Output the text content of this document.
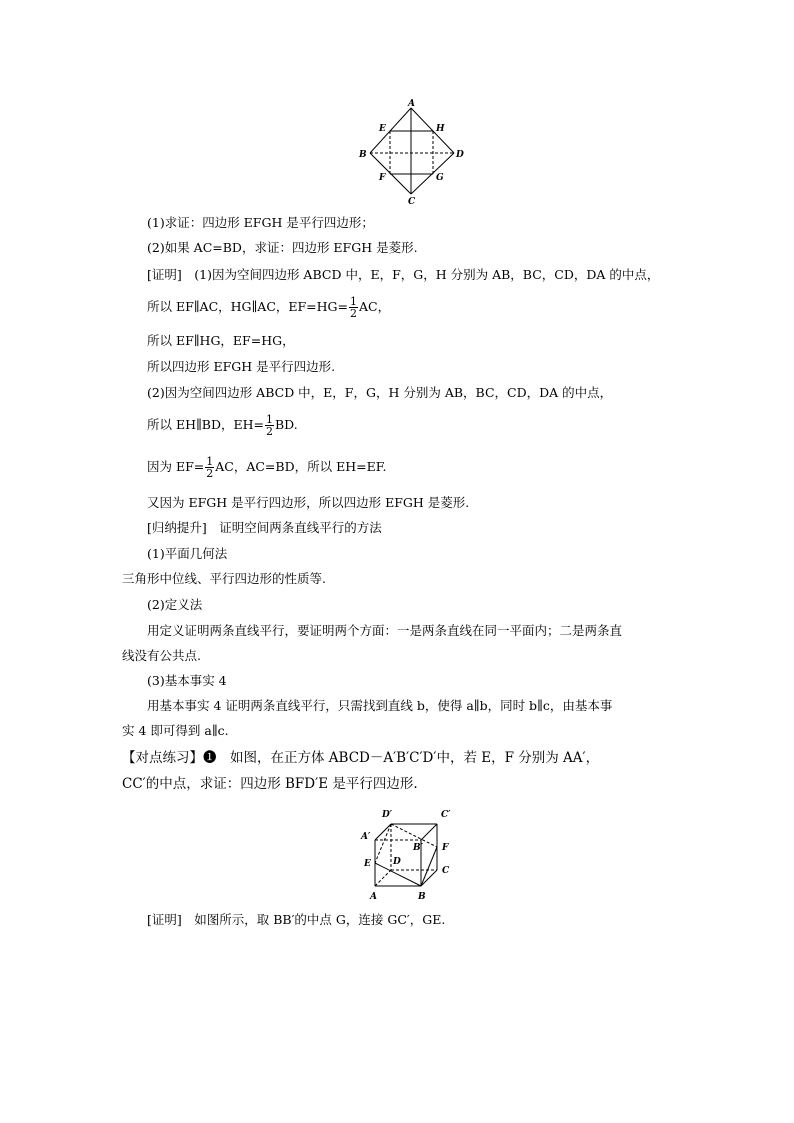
A
B
C
D
E
F	G
H
(1)求证：四边形 EFGH 是平行四边形；
(2)如果 AC=BD，求证：四边形 EFGH 是菱形.
[证明]　(1)因为空间四边形 ABCD 中，E，F，G，H 分别为 AB，BC，CD，DA 的中点，
所以 EF∥AC，HG∥AC，$EF=HG= \frac{1}{2}$ AC，
所以 EF∥HG，EF=HG，
所以四边形 EFGH 是平行四边形.
(2)因为空间四边形 ABCD 中，E，F，G，H 分别为 AB，BC，CD，DA 的中点，
所以 EH∥BD，$EH= \frac{1}{2}$ BD.
因为 $EF= \frac{1}{2}$ AC，AC=BD，所以 EH=EF.
又因为 EFGH 是平行四边形，所以四边形 EFGH 是菱形.
[归纳提升]　证明空间两条直线平行的方法
(1)平面几何法
三角形中位线、平行四边形的性质等.
(2)定义法
用定义证明两条直线平行，要证明两个方面：一是两条直线在同一平面内；二是两条直
线没有公共点.
(3)基本事实 4
用基本事实 4 证明两条直线平行，只需找到直线 b，使得 a∥b，同时 b∥c，由基本事
实 4 即可得到 a∥c.
【对点练习】❶　如图，在正方体 ABCD－A′B′C′D′中，若 E，F 分别为 AA′，
CC′的中点，求证：四边形 BFD′E 是平行四边形.
D′	C′
A′
B′ F
E D
C
A	B
[证明]　如图所示，取 BB′的中点 G，连接 GC′，GE.
